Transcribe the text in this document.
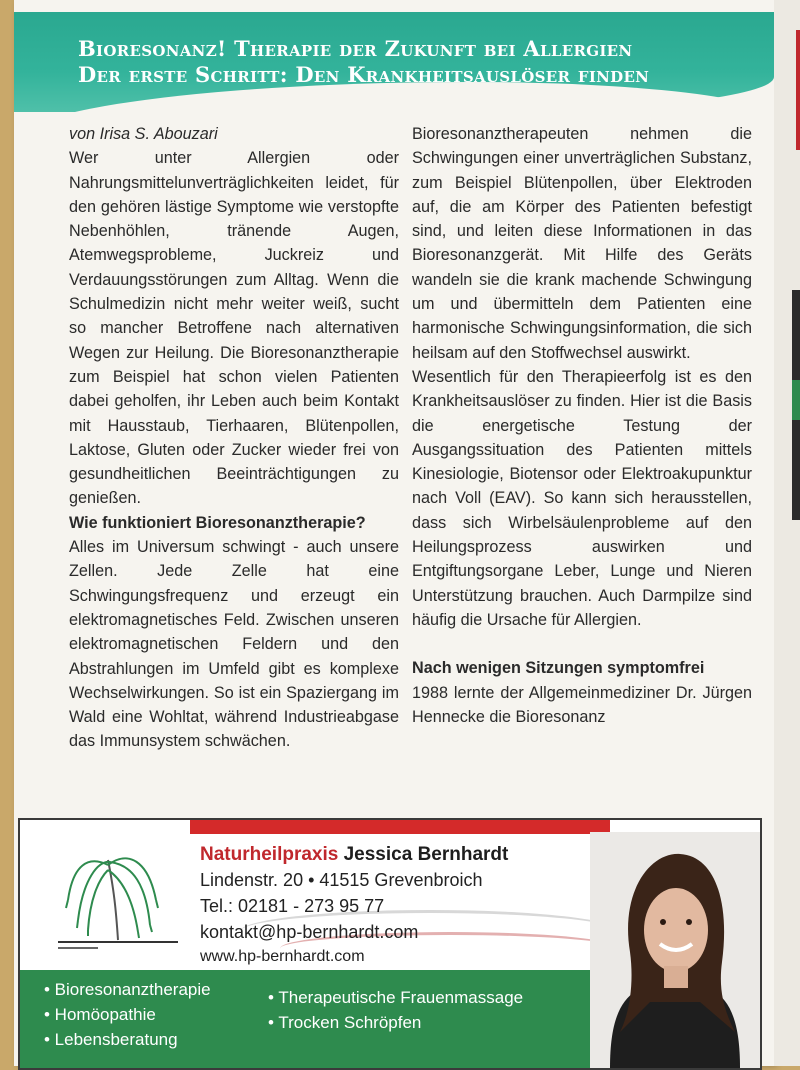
Bioresonanz! Therapie der Zukunft bei Allergien
Der erste Schritt: Den Krankheitsauslöser finden

von Irisa S. Abouzari

Wer unter Allergien oder Nahrungsmittelunverträglichkeiten leidet, für den gehören lästige Symptome wie verstopfte Nebenhöhlen, tränende Augen, Atemwegsprobleme, Juckreiz und Verdauungsstörungen zum Alltag. Wenn die Schulmedizin nicht mehr weiter weiß, sucht so mancher Betroffene nach alternativen Wegen zur Heilung. Die Bioresonanztherapie zum Beispiel hat schon vielen Patienten dabei geholfen, ihr Leben auch beim Kontakt mit Hausstaub, Tierhaaren, Blütenpollen, Laktose, Gluten oder Zucker wieder frei von gesundheitlichen Beeinträchtigungen zu genießen.

Wie funktioniert Bioresonanztherapie?

Alles im Universum schwingt - auch unsere Zellen. Jede Zelle hat eine Schwingungsfrequenz und erzeugt ein elektromagnetisches Feld. Zwischen unseren elektromagnetischen Feldern und den Abstrahlungen im Umfeld gibt es komplexe Wechselwirkungen. So ist ein Spaziergang im Wald eine Wohltat, während Industrieabgase das Immunsystem schwächen.

Bioresonanztherapeuten nehmen die Schwingungen einer unverträglichen Substanz, zum Beispiel Blütenpollen, über Elektroden auf, die am Körper des Patienten befestigt sind, und leiten diese Informationen in das Bioresonanzgerät. Mit Hilfe des Geräts wandeln sie die krank machende Schwingung um und übermitteln dem Patienten eine harmonische Schwingungsinformation, die sich heilsam auf den Stoffwechsel auswirkt.

Wesentlich für den Therapieerfolg ist es den Krankheitsauslöser zu finden. Hier ist die Basis die energetische Testung der Ausgangssituation des Patienten mittels Kinesiologie, Biotensor oder Elektroakupunktur nach Voll (EAV). So kann sich herausstellen, dass sich Wirbelsäulenprobleme auf den Heilungsprozess auswirken und Entgiftungsorgane Leber, Lunge und Nieren Unterstützung brauchen. Auch Darmpilze sind häufig die Ursache für Allergien.

Nach wenigen Sitzungen symptomfrei

1988 lernte der Allgemeinmediziner Dr. Jürgen Hennecke die Bioresonanz

Naturheilpraxis Jessica Bernhardt
Lindenstr. 20 • 41515 Grevenbroich
Tel.: 02181 - 273 95 77
kontakt@hp-bernhardt.com
www.hp-bernhardt.com
• Bioresonanztherapie
• Homöopathie
• Lebensberatung
• Therapeutische Frauenmassage
• Trocken Schröpfen
